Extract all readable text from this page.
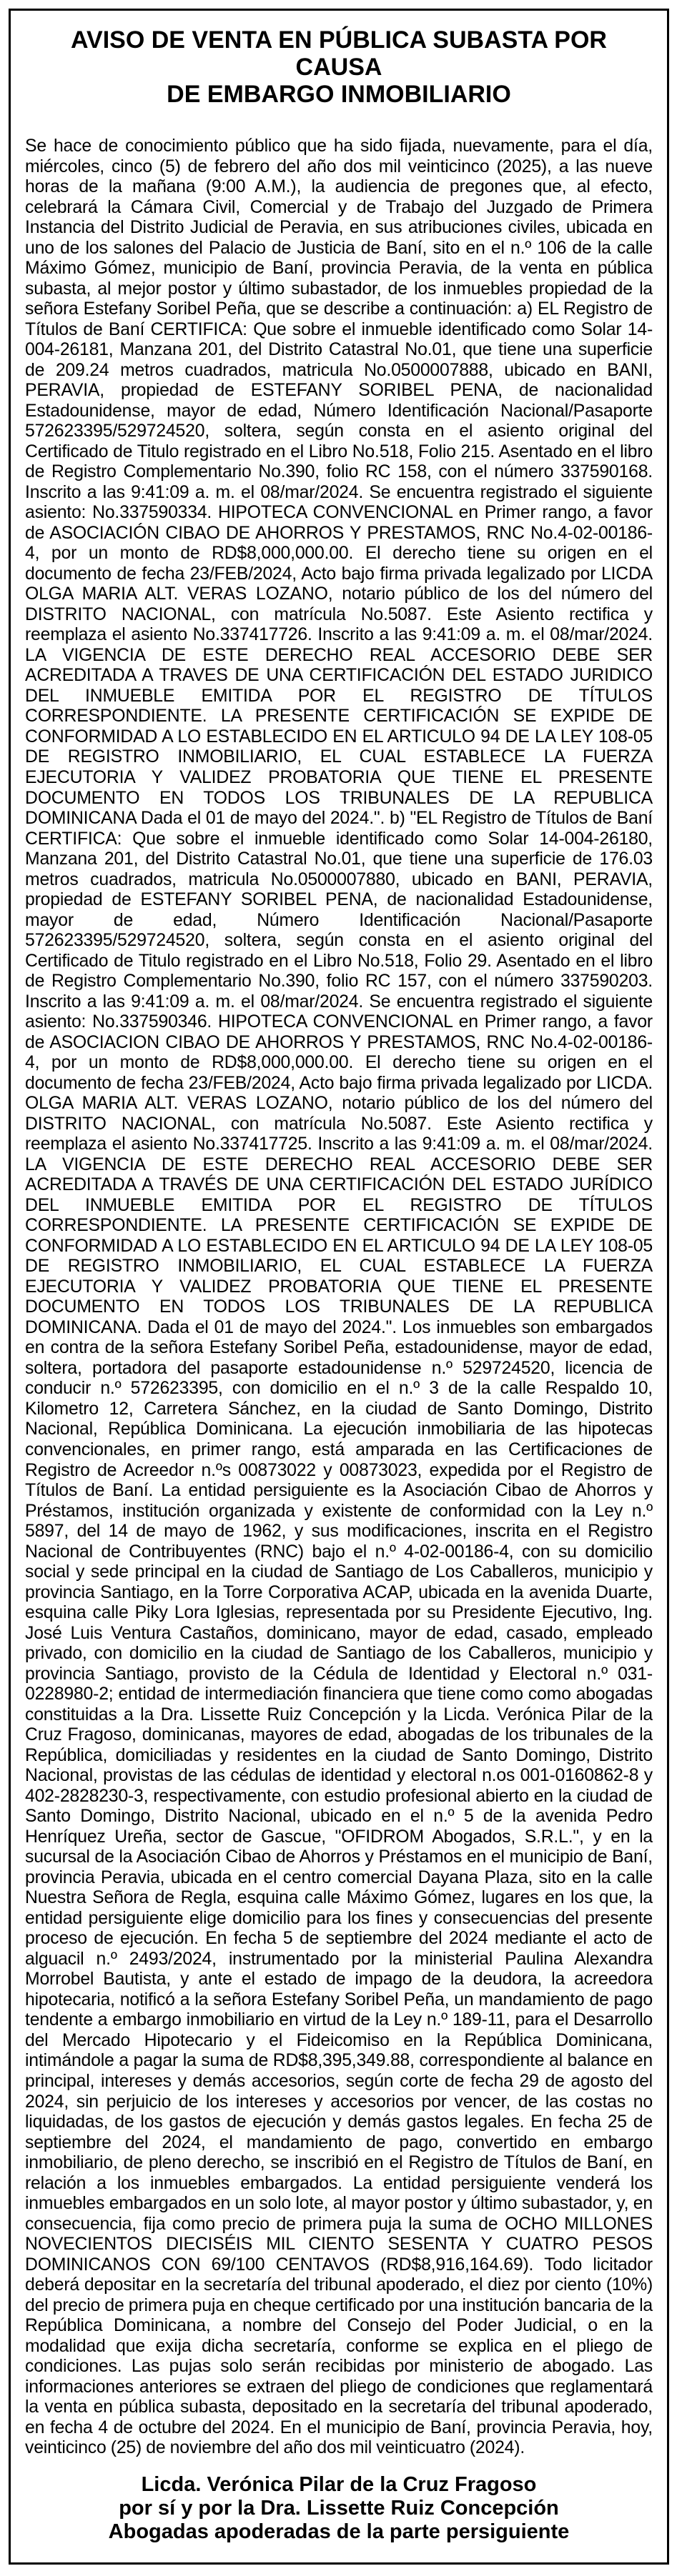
AVISO DE VENTA EN PÚBLICA SUBASTA POR CAUSA
DE EMBARGO INMOBILIARIO

Se hace de conocimiento público que ha sido fijada, nuevamente, para el día, miércoles, cinco (5) de febrero del año dos mil veinticinco (2025), a las nueve horas de la mañana (9:00 A.M.), la audiencia de pregones que, al efecto, celebrará la Cámara Civil, Comercial y de Trabajo del Juzgado de Primera Instancia del Distrito Judicial de Peravia, en sus atribuciones civiles, ubicada en uno de los salones del Palacio de Justicia de Baní, sito en el n.º 106 de la calle Máximo Gómez, municipio de Baní, provincia Peravia, de la venta en pública subasta, al mejor postor y último subastador, de los inmuebles propiedad de la señora Estefany Soribel Peña, que se describe a continuación: a) EL Registro de Títulos de Baní CERTIFICA: Que sobre el inmueble identificado como Solar 14-004-26181, Manzana 201, del Distrito Catastral No.01, que tiene una superficie de 209.24 metros cuadrados, matricula No.0500007888, ubicado en BANI, PERAVIA, propiedad de ESTEFANY SORIBEL PENA, de nacionalidad Estadounidense, mayor de edad, Número Identificación Nacional/Pasaporte 572623395/529724520, soltera, según consta en el asiento original del Certificado de Titulo registrado en el Libro No.518, Folio 215. Asentado en el libro de Registro Complementario No.390, folio RC 158, con el número 337590168. Inscrito a las 9:41:09 a. m. el 08/mar/2024. Se encuentra registrado el siguiente asiento: No.337590334. HIPOTECA CONVENCIONAL en Primer rango, a favor de ASOCIACIÓN CIBAO DE AHORROS Y PRESTAMOS, RNC No.4-02-00186-4, por un monto de RD$8,000,000.00. El derecho tiene su origen en el documento de fecha 23/FEB/2024, Acto bajo firma privada legalizado por LICDA OLGA MARIA ALT. VERAS LOZANO, notario público de los del número del DISTRITO NACIONAL, con matrícula No.5087. Este Asiento rectifica y reemplaza el asiento No.337417726. Inscrito a las 9:41:09 a. m. el 08/mar/2024. LA VIGENCIA DE ESTE DERECHO REAL ACCESORIO DEBE SER ACREDITADA A TRAVES DE UNA CERTIFICACIÓN DEL ESTADO JURIDICO DEL INMUEBLE EMITIDA POR EL REGISTRO DE TÍTULOS CORRESPONDIENTE. LA PRESENTE CERTIFICACIÓN SE EXPIDE DE CONFORMIDAD A LO ESTABLECIDO EN EL ARTICULO 94 DE LA LEY 108-05 DE REGISTRO INMOBILIARIO, EL CUAL ESTABLECE LA FUERZA EJECUTORIA Y VALIDEZ PROBATORIA QUE TIENE EL PRESENTE DOCUMENTO EN TODOS LOS TRIBUNALES DE LA REPUBLICA DOMINICANA Dada el 01 de mayo del 2024.". b) "EL Registro de Títulos de Baní CERTIFICA: Que sobre el inmueble identificado como Solar 14-004-26180, Manzana 201, del Distrito Catastral No.01, que tiene una superficie de 176.03 metros cuadrados, matricula No.0500007880, ubicado en BANI, PERAVIA, propiedad de ESTEFANY SORIBEL PENA, de nacionalidad Estadounidense, mayor de edad, Número Identificación Nacional/Pasaporte 572623395/529724520, soltera, según consta en el asiento original del Certificado de Titulo registrado en el Libro No.518, Folio 29. Asentado en el libro de Registro Complementario No.390, folio RC 157, con el número 337590203. Inscrito a las 9:41:09 a. m. el 08/mar/2024. Se encuentra registrado el siguiente asiento: No.337590346. HIPOTECA CONVENCIONAL en Primer rango, a favor de ASOCIACION CIBAO DE AHORROS Y PRESTAMOS, RNC No.4-02-00186-4, por un monto de RD$8,000,000.00. El derecho tiene su origen en el documento de fecha 23/FEB/2024, Acto bajo firma privada legalizado por LICDA. OLGA MARIA ALT. VERAS LOZANO, notario público de los del número del DISTRITO NACIONAL, con matrícula No.5087. Este Asiento rectifica y reemplaza el asiento No.337417725. Inscrito a las 9:41:09 a. m. el 08/mar/2024. LA VIGENCIA DE ESTE DERECHO REAL ACCESORIO DEBE SER ACREDITADA A TRAVÉS DE UNA CERTIFICACIÓN DEL ESTADO JURÍDICO DEL INMUEBLE EMITIDA POR EL REGISTRO DE TÍTULOS CORRESPONDIENTE. LA PRESENTE CERTIFICACIÓN SE EXPIDE DE CONFORMIDAD A LO ESTABLECIDO EN EL ARTICULO 94 DE LA LEY 108-05 DE REGISTRO INMOBILIARIO, EL CUAL ESTABLECE LA FUERZA EJECUTORIA Y VALIDEZ PROBATORIA QUE TIENE EL PRESENTE DOCUMENTO EN TODOS LOS TRIBUNALES DE LA REPUBLICA DOMINICANA. Dada el 01 de mayo del 2024.". Los inmuebles son embargados en contra de la señora Estefany Soribel Peña, estadounidense, mayor de edad, soltera, portadora del pasaporte estadounidense n.º 529724520, licencia de conducir n.º 572623395, con domicilio en el n.º 3 de la calle Respaldo 10, Kilometro 12, Carretera Sánchez, en la ciudad de Santo Domingo, Distrito Nacional, República Dominicana. La ejecución inmobiliaria de las hipotecas convencionales, en primer rango, está amparada en las Certificaciones de Registro de Acreedor n.ºs 00873022 y 00873023, expedida por el Registro de Títulos de Baní. La entidad persiguiente es la Asociación Cibao de Ahorros y Préstamos, institución organizada y existente de conformidad con la Ley n.º 5897, del 14 de mayo de 1962, y sus modificaciones, inscrita en el Registro Nacional de Contribuyentes (RNC) bajo el n.º 4-02-00186-4, con su domicilio social y sede principal en la ciudad de Santiago de Los Caballeros, municipio y provincia Santiago, en la Torre Corporativa ACAP, ubicada en la avenida Duarte, esquina calle Piky Lora Iglesias, representada por su Presidente Ejecutivo, Ing. José Luis Ventura Castaños, dominicano, mayor de edad, casado, empleado privado, con domicilio en la ciudad de Santiago de los Caballeros, municipio y provincia Santiago, provisto de la Cédula de Identidad y Electoral n.º 031-0228980-2; entidad de intermediación financiera que tiene como como abogadas constituidas a la Dra. Lissette Ruiz Concepción y la Licda. Verónica Pilar de la Cruz Fragoso, dominicanas, mayores de edad, abogadas de los tribunales de la República, domiciliadas y residentes en la ciudad de Santo Domingo, Distrito Nacional, provistas de las cédulas de identidad y electoral n.os 001-0160862-8 y 402-2828230-3, respectivamente, con estudio profesional abierto en la ciudad de Santo Domingo, Distrito Nacional, ubicado en el n.º 5 de la avenida Pedro Henríquez Ureña, sector de Gascue, "OFIDROM Abogados, S.R.L.", y en la sucursal de la Asociación Cibao de Ahorros y Préstamos en el municipio de Baní, provincia Peravia, ubicada en el centro comercial Dayana Plaza, sito en la calle Nuestra Señora de Regla, esquina calle Máximo Gómez, lugares en los que, la entidad persiguiente elige domicilio para los fines y consecuencias del presente proceso de ejecución. En fecha 5 de septiembre del 2024 mediante el acto de alguacil n.º 2493/2024, instrumentado por la ministerial Paulina Alexandra Morrobel Bautista, y ante el estado de impago de la deudora, la acreedora hipotecaria, notificó a la señora Estefany Soribel Peña, un mandamiento de pago tendente a embargo inmobiliario en virtud de la Ley n.º 189-11, para el Desarrollo del Mercado Hipotecario y el Fideicomiso en la República Dominicana, intimándole a pagar la suma de RD$8,395,349.88, correspondiente al balance en principal, intereses y demás accesorios, según corte de fecha 29 de agosto del 2024, sin perjuicio de los intereses y accesorios por vencer, de las costas no liquidadas, de los gastos de ejecución y demás gastos legales. En fecha 25 de septiembre del 2024, el mandamiento de pago, convertido en embargo inmobiliario, de pleno derecho, se inscribió en el Registro de Títulos de Baní, en relación a los inmuebles embargados. La entidad persiguiente venderá los inmuebles embargados en un solo lote, al mayor postor y último subastador, y, en consecuencia, fija como precio de primera puja la suma de OCHO MILLONES NOVECIENTOS DIECISÉIS MIL CIENTO SESENTA Y CUATRO PESOS DOMINICANOS CON 69/100 CENTAVOS (RD$8,916,164.69). Todo licitador deberá depositar en la secretaría del tribunal apoderado, el diez por ciento (10%) del precio de primera puja en cheque certificado por una institución bancaria de la República Dominicana, a nombre del Consejo del Poder Judicial, o en la modalidad que exija dicha secretaría, conforme se explica en el pliego de condiciones. Las pujas solo serán recibidas por ministerio de abogado. Las informaciones anteriores se extraen del pliego de condiciones que reglamentará la venta en pública subasta, depositado en la secretaría del tribunal apoderado, en fecha 4 de octubre del 2024. En el municipio de Baní, provincia Peravia, hoy, veinticinco (25) de noviembre del año dos mil veinticuatro (2024).

Licda. Verónica Pilar de la Cruz Fragoso
por sí y por la Dra. Lissette Ruiz Concepción
Abogadas apoderadas de la parte persiguiente
